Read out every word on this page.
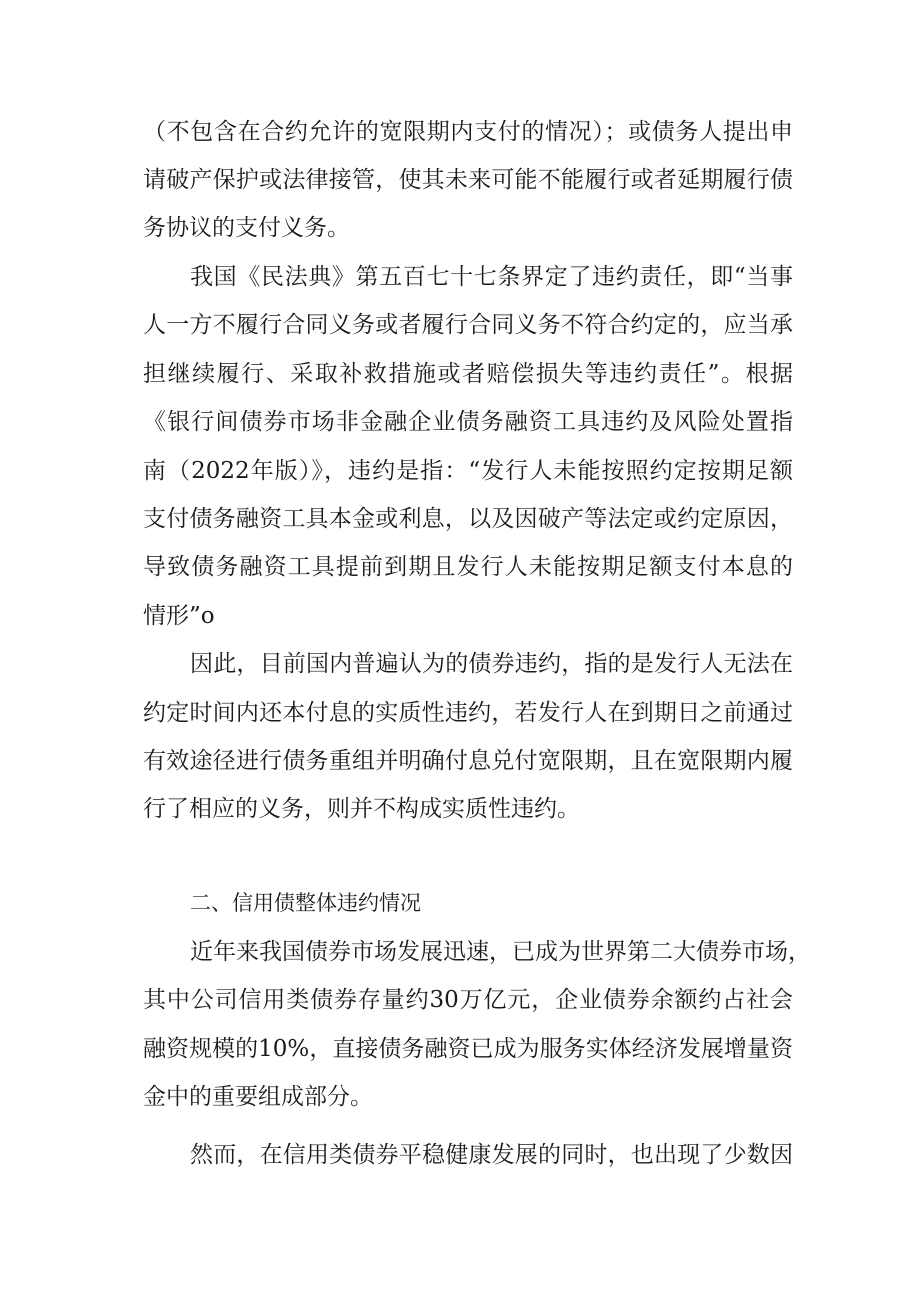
（不包含在合约允许的宽限期内支付的情况）；或债务人提出申
请破产保护或法律接管，使其未来可能不能履行或者延期履行债
务协议的支付义务。
我国《民法典》第五百七十七条界定了违约责任，即“当事
人一方不履行合同义务或者履行合同义务不符合约定的，应当承
担继续履行、采取补救措施或者赔偿损失等违约责任”。根据
《银行间债券市场非金融企业债务融资工具违约及风险处置指
南（2022年版）》，违约是指：“发行人未能按照约定按期足额
支付债务融资工具本金或利息，以及因破产等法定或约定原因，
导致债务融资工具提前到期且发行人未能按期足额支付本息的
情形”o
因此，目前国内普遍认为的债券违约，指的是发行人无法在
约定时间内还本付息的实质性违约，若发行人在到期日之前通过
有效途径进行债务重组并明确付息兑付宽限期，且在宽限期内履
行了相应的义务，则并不构成实质性违约。
二、信用债整体违约情况
近年来我国债券市场发展迅速，已成为世界第二大债券市场，
其中公司信用类债券存量约30万亿元，企业债券余额约占社会
融资规模的10%，直接债务融资已成为服务实体经济发展增量资
金中的重要组成部分。
然而，在信用类债券平稳健康发展的同时，也出现了少数因
